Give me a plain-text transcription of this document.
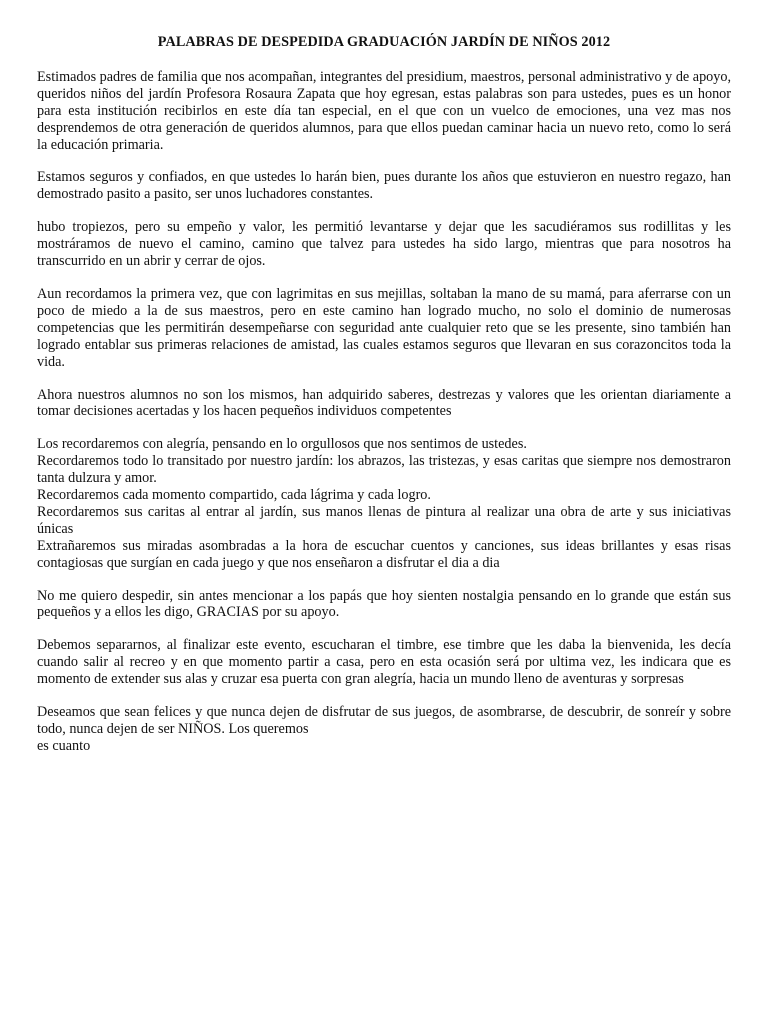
PALABRAS DE DESPEDIDA GRADUACIÓN JARDÍN DE NIÑOS 2012

Estimados padres de familia que nos acompañan, integrantes del presidium, maestros, personal administrativo y de apoyo, queridos niños del jardín Profesora Rosaura Zapata que hoy egresan, estas palabras son para ustedes, pues es un honor para esta institución recibirlos en este día tan especial, en el que con un vuelco de emociones, una vez mas nos desprendemos de otra generación de queridos alumnos, para que ellos puedan caminar hacia un nuevo reto, como lo será la educación primaria.

Estamos seguros y confiados, en que ustedes lo harán bien, pues durante los años que estuvieron en nuestro regazo, han demostrado pasito a pasito, ser unos luchadores constantes.

hubo tropiezos, pero su empeño y valor, les permitió levantarse y dejar que les sacudiéramos sus rodillitas y les mostráramos de nuevo el camino, camino que talvez para ustedes ha sido largo, mientras que para nosotros ha transcurrido en un abrir y cerrar de ojos.

Aun recordamos la primera vez, que con lagrimitas en sus mejillas, soltaban la mano de su mamá, para aferrarse con un poco de miedo a la de sus maestros, pero en este camino han logrado mucho, no solo el dominio de numerosas competencias que les permitirán desempeñarse con seguridad ante cualquier reto que se les presente, sino también han logrado entablar sus primeras relaciones de amistad, las cuales estamos seguros que llevaran en sus corazoncitos toda la vida.

Ahora nuestros alumnos no son los mismos, han adquirido saberes, destrezas y valores que les orientan diariamente a tomar decisiones acertadas y los hacen pequeños individuos competentes

Los recordaremos con alegría, pensando en lo orgullosos que nos sentimos de ustedes.

Recordaremos todo lo transitado por nuestro jardín: los abrazos, las tristezas, y esas caritas que siempre nos demostraron tanta dulzura y amor.

Recordaremos cada momento compartido, cada lágrima y cada logro.

Recordaremos sus caritas al entrar al jardín, sus manos llenas de pintura al realizar una obra de arte y sus iniciativas únicas

Extrañaremos sus miradas asombradas a la hora de escuchar cuentos y canciones, sus ideas brillantes y esas risas contagiosas que surgían en cada juego y que nos enseñaron a disfrutar el dia a dia

No me quiero despedir, sin antes mencionar a los papás que hoy sienten nostalgia pensando en lo grande que están sus pequeños y a ellos les digo, GRACIAS por su apoyo.

Debemos separarnos, al finalizar este evento, escucharan el timbre, ese timbre que les daba la bienvenida, les decía cuando salir al recreo y en que momento partir a casa, pero en esta ocasión será por ultima vez, les indicara que es momento de extender sus alas y cruzar esa puerta con gran alegría, hacia un mundo lleno de aventuras y sorpresas

Deseamos que sean felices y que nunca dejen de disfrutar de sus juegos, de asombrarse, de descubrir, de sonreír y sobre todo, nunca dejen de ser NIÑOS. Los queremos

es cuanto
